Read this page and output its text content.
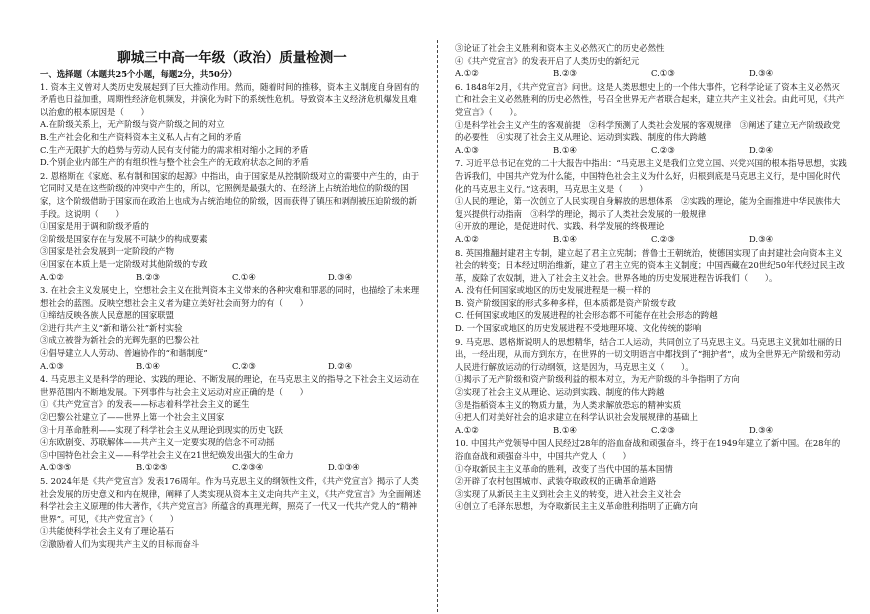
聊城三中高一年级（政治）质量检测一

一、选择题（本题共25个小题，每题2分，共50分）

1. 资本主义曾对人类历史发展起到了巨大推动作用。然而，随着时间的推移，资本主义制度自身固有的矛盾也日益加重，周期性经济危机频发，并演化为时下的系统性危机。导致资本主义经济危机爆发且难以治愈的根本原因是（　　）

A.在阶级关系上，无产阶级与资产阶级之间的对立

B.生产社会化和生产资料资本主义私人占有之间的矛盾

C.生产无限扩大的趋势与劳动人民有支付能力的需求相对缩小之间的矛盾

D.个别企业内部生产的有组织性与整个社会生产的无政府状态之间的矛盾

2. 恩格斯在《家庭、私有制和国家的起源》中指出，由于国家是从控制阶级对立的需要中产生的，由于它同时又是在这些阶级的冲突中产生的，所以，它照例是最强大的、在经济上占统治地位的阶级的国家，这个阶级借助于国家而在政治上也成为占统治地位的阶级，因而获得了镇压和剥削被压迫阶级的新手段。这说明（　　）

①国家是用于调和阶级矛盾的

②阶级是国家存在与发展不可缺少的构成要素

③国家是社会发展到一定阶段的产物

④国家在本质上是一定阶级对其他阶级的专政

A.①②	B.②③	C.①④	D.③④

3. 在社会主义发展史上，空想社会主义在批判资本主义带来的各种灾难和罪恶的同时，也描绘了未来理想社会的蓝图。反映空想社会主义者为建立美好社会而努力的有（　　）

①缔结反映各族人民意愿的国家联盟

②进行共产主义“新和谐公社”新村实验

③成立被誉为新社会的光辉先驱的巴黎公社

④倡导建立人人劳动、普遍协作的“和谐制度”

A.①③	B.①④	C.②③	D.②④

4. 马克思主义是科学的理论、实践的理论、不断发展的理论，在马克思主义的指导之下社会主义运动在世界范围内不断地发展。下列事件与社会主义运动对应正确的是（　　）

①《共产党宣言》的发表——标志着科学社会主义的诞生

②巴黎公社建立了——世界上第一个社会主义国家

③十月革命胜利——实现了科学社会主义从理论到现实的历史飞跃

④东欧剧变、苏联解体——共产主义一定要实现的信念不可动摇

⑤中国特色社会主义——科学社会主义在21世纪焕发出强大的生命力

A.①③⑤	B.①②⑤	C.②③④	D.①③④

5. 2024年是《共产党宣言》发表176周年。作为马克思主义的纲领性文件，《共产党宣言》揭示了人类社会发展的历史意义和内在规律，阐释了人类实现从资本主义走向共产主义，《共产党宣言》为全面阐述科学社会主义原理的伟大著作，《共产党宣言》所蕴含的真理光辉，照亮了一代又一代共产党人的“精神世界”。可见，《共产党宣言》（　　）

①共能使科学社会主义有了理论基石

②激励着人们为实现共产主义的目标而奋斗

③论证了社会主义胜利和资本主义必然灭亡的历史必然性

④《共产党宣言》的发表开启了人类历史的新纪元

A.①②	B.②③	C.①③	D.③④

6. 1848年2月，《共产党宣言》问世。这是人类思想史上的一个伟大事件，它科学论证了资本主义必然灭亡和社会主义必然胜利的历史必然性，号召全世界无产者联合起来，建立共产主义社会。由此可见，《共产党宣言》（　　）。

①是科学社会主义产生的客观前提　②科学预测了人类社会发展的客观规律　③阐述了建立无产阶级政党的必要性　④实现了社会主义从理论、运动到实践、制度的伟大跨越

A.①③	B.①④	C.②③	D.②④

7. 习近平总书记在党的二十大报告中指出：“马克思主义是我们立党立国、兴党兴国的根本指导思想，实践告诉我们，中国共产党为什么能，中国特色社会主义为什么好，归根到底是马克思主义行，是中国化时代化的马克思主义行。”这表明，马克思主义是（　　）

①人民的理论，第一次创立了人民实现自身解放的思想体系　②实践的理论，能为全面推进中华民族伟大复兴提供行动指南　③科学的理论，揭示了人类社会发展的一般规律

④开放的理论，是促进时代、实践、科学发展的终极理论

A.①②	B.①④	C.②③	D.③④

8. 英国推翻封建君主专制，建立起了君主立宪制；普鲁士王朝统治，使德国实现了由封建社会向资本主义社会的转变；日本经过明治维新，建立了君主立宪的资本主义制度；中国西藏在20世纪50年代经过民主改革，废除了农奴制，进入了社会主义社会。世界各地的历史发展进程告诉我们（　　）。

A. 没有任何国家或地区的历史发展进程是一模一样的

B. 资产阶级国家的形式多种多样，但本质都是资产阶级专政

C. 任何国家或地区的发展进程的社会形态都不可能存在社会形态的跨越

D. 一个国家或地区的历史发展进程不受地理环境、文化传统的影响

9. 马克思、恩格斯说明人的思想精华，结合工人运动，共同创立了马克思主义。马克思主义犹如壮丽的日出，一经出现，从而方到东方，在世界的一切文明语言中都找到了“拥护者”，成为全世界无产阶级和劳动人民进行解放运动的行动纲领，这是因为，马克思主义（　　）。

①揭示了无产阶级和资产阶级利益的根本对立，为无产阶级的斗争指明了方向

②实现了社会主义从理论、运动到实践、制度的伟大跨越

③是指稻资本主义的物质力量，为人类求解放恐忘的精神实质

④把人们对美好社会的追求建立在科学认识社会发展规律的基础上

A.①②	B.①④	C.②③	D.③④

10. 中国共产党领导中国人民经过28年的浴血奋战和顽强奋斗，终于在1949年建立了新中国。在28年的浴血奋战和顽强奋斗中，中国共产党人（　　）

①夺取新民主主义革命的胜利，改变了当代中国的基本国情

②开辟了农村包围城市、武装夺取政权的正确革命道路

③实现了从新民主主义到社会主义的转变，进入社会主义社会

④创立了毛泽东思想，为夺取新民主主义革命胜利指明了正确方向
